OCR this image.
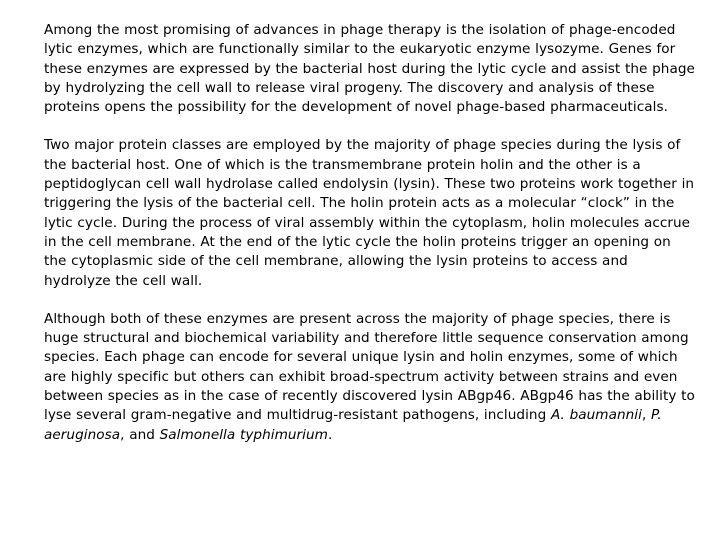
Among the most promising of advances in phage therapy is the isolation of phage-encoded lytic enzymes, which are functionally similar to the eukaryotic enzyme lysozyme. Genes for these enzymes are expressed by the bacterial host during the lytic cycle and assist the phage by hydrolyzing the cell wall to release viral progeny. The discovery and analysis of these proteins opens the possibility for the development of novel phage-based pharmaceuticals.

Two major protein classes are employed by the majority of phage species during the lysis of the bacterial host. One of which is the transmembrane protein holin and the other is a peptidoglycan cell wall hydrolase called endolysin (lysin). These two proteins work together in triggering the lysis of the bacterial cell. The holin protein acts as a molecular “clock” in the lytic cycle. During the process of viral assembly within the cytoplasm, holin molecules accrue in the cell membrane. At the end of the lytic cycle the holin proteins trigger an opening on the cytoplasmic side of the cell membrane, allowing the lysin proteins to access and hydrolyze the cell wall.

Although both of these enzymes are present across the majority of phage species, there is huge structural and biochemical variability and therefore little sequence conservation among species. Each phage can encode for several unique lysin and holin enzymes, some of which are highly specific but others can exhibit broad-spectrum activity between strains and even between species as in the case of recently discovered lysin ABgp46. ABgp46 has the ability to lyse several gram-negative and multidrug-resistant pathogens, including A. baumannii, P. aeruginosa, and Salmonella typhimurium.
